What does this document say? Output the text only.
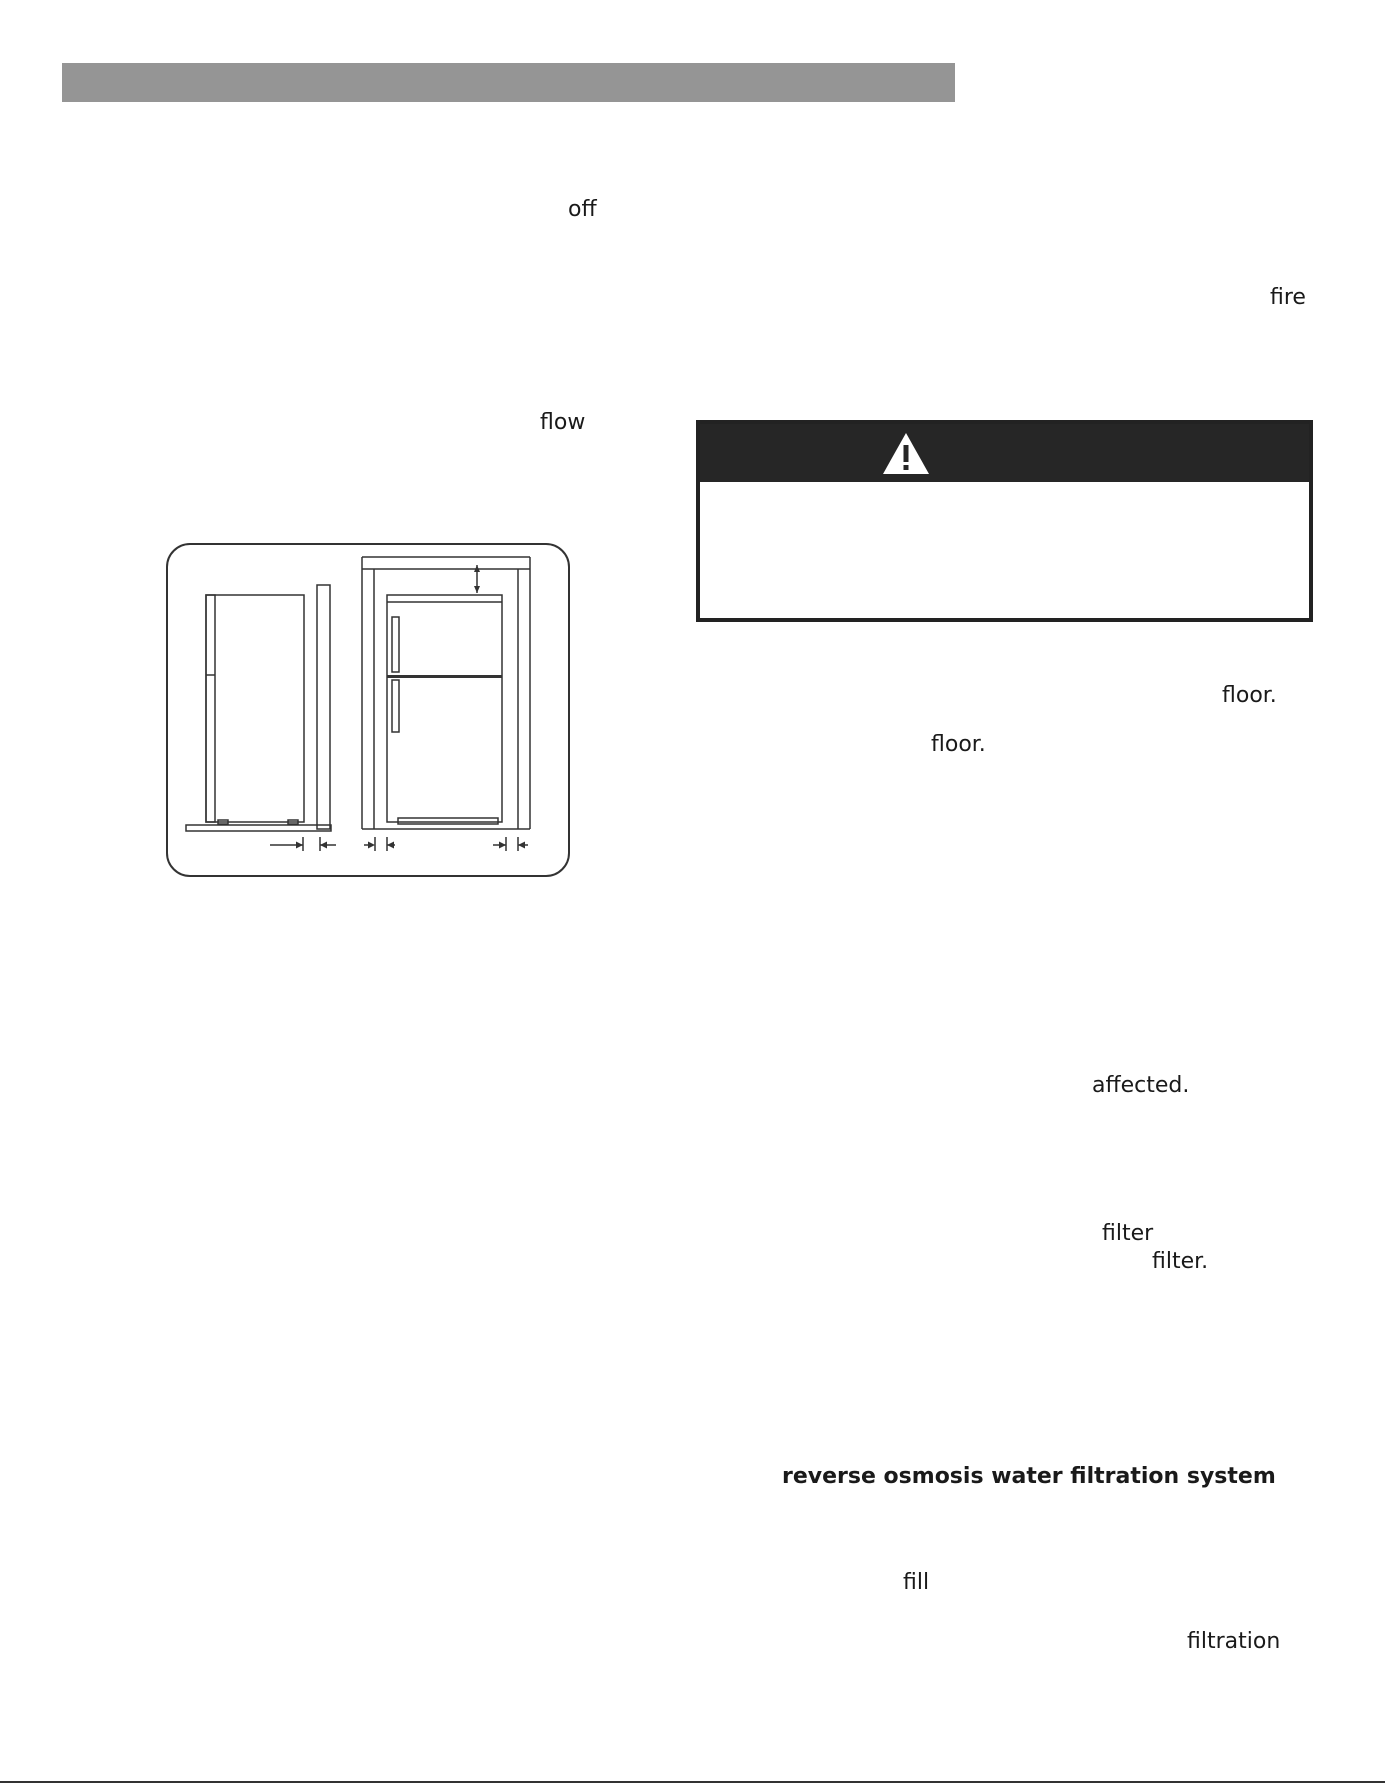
off
fire
flow
floor.
floor.
affected.
filter
filter.
reverse osmosis water filtration system
fill
filtration
